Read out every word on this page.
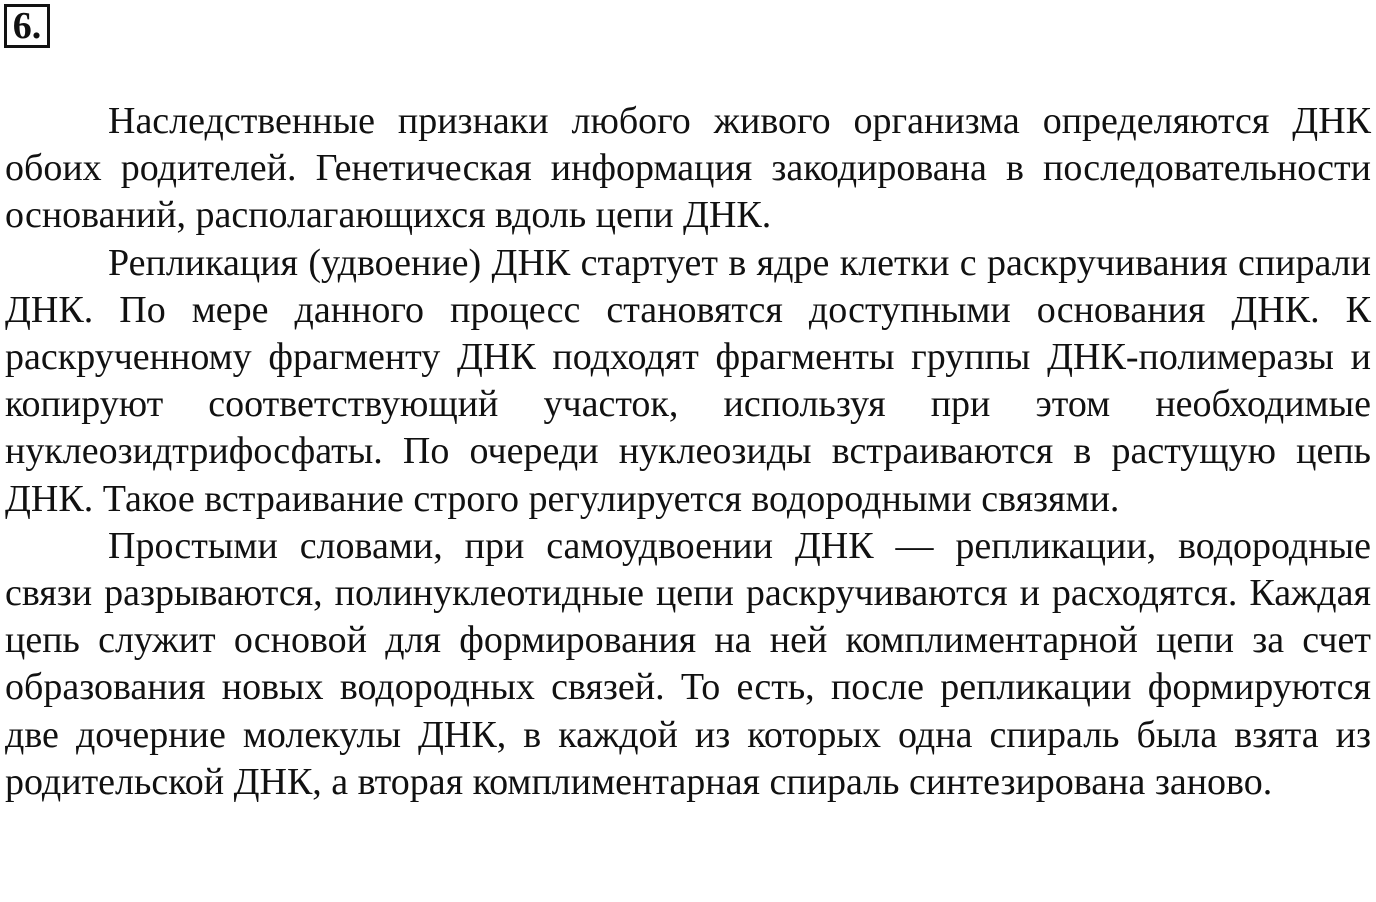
6.

Наследственные признаки любого живого организма определяются ДНК обоих родителей. Генетическая информация закодирована в последовательности оснований, располагающихся вдоль цепи ДНК.

Репликация (удвоение) ДНК стартует в ядре клетки с раскручивания спирали ДНК. По мере данного процесс становятся доступными основания ДНК. К раскрученному фрагменту ДНК подходят фрагменты группы ДНК-полимеразы и копируют соответствующий участок, используя при этом необходимые нуклеозидтрифосфаты. По очереди нуклеозиды встраиваются в растущую цепь ДНК. Такое встраивание строго регулируется водородными связями.

Простыми словами, при самоудвоении ДНК — репликации, водородные связи разрываются, полинуклеотидные цепи раскручиваются и расходятся. Каждая цепь служит основой для формирования на ней комплиментарной цепи за счет образования новых водородных связей. То есть, после репликации формируются две дочерние молекулы ДНК, в каждой из которых одна спираль была взята из родительской ДНК, а вторая комплиментарная спираль синтезирована заново.
